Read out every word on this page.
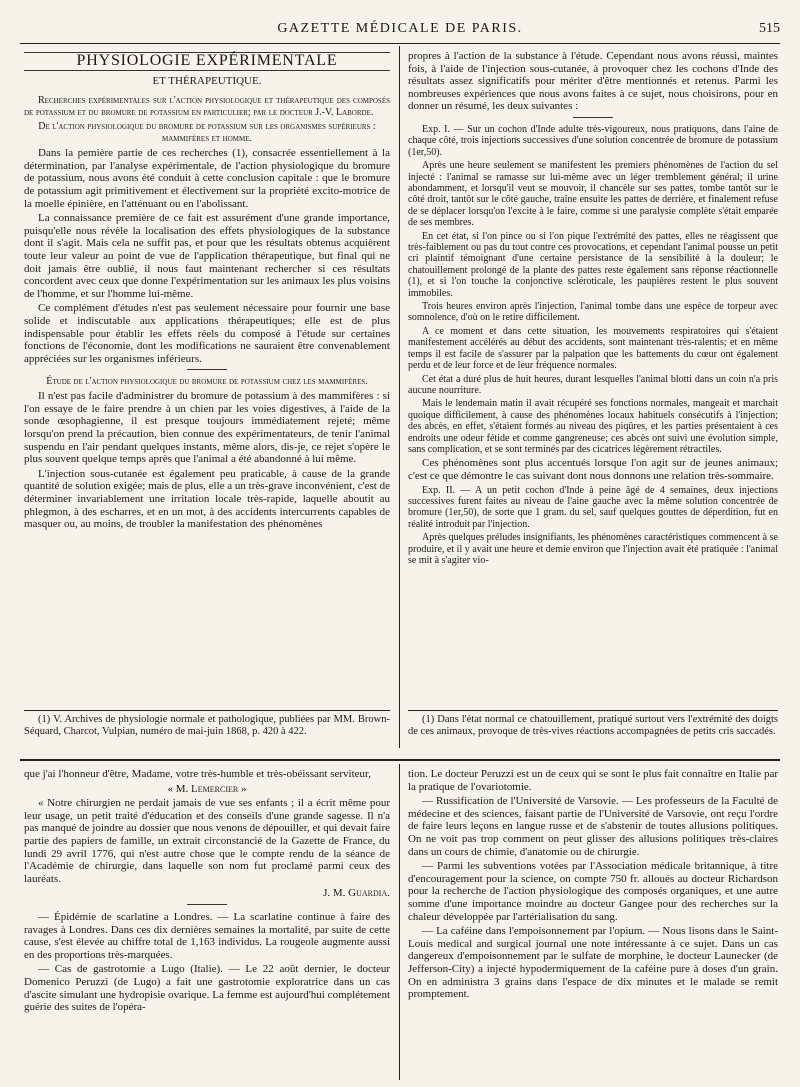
GAZETTE MÉDICALE DE PARIS.	515
PHYSIOLOGIE EXPÉRIMENTALE
ET THÉRAPEUTIQUE.

Recherches expérimentales sur l'action physiologique et thérapeutique des composés de potassium et du bromure de potassium en particulier; par le docteur J.-V. Laborde.

De l'action physiologique du bromure de potassium sur les organismes supérieurs : mammifères et homme.

Dans la pemière partie de ces recherches (1), consacrée essentiellement à la détermination, par l'analyse expérimentale, de l'action physiologique du bromure de potassium, nous avons été conduit à cette conclusion capitale : que le bromure de potassium agit primitivement et électivement sur la propriété excito-motrice de la moelle épinière, en l'atténuant ou en l'abolissant.

La connaissance première de ce fait est assurément d'une grande importance, puisqu'elle nous révèle la localisation des effets physiologiques de la substance dont il s'agit. Mais cela ne suffit pas, et pour que les résultats obtenus acquièrent toute leur valeur au point de vue de l'application thérapeutique, but final qui ne doit jamais être oublié, il nous faut maintenant rechercher si ces résultats concordent avec ceux que donne l'expérimentation sur les animaux les plus voisins de l'homme, et sur l'homme lui-même.

Ce complément d'études n'est pas seulement nécessaire pour fournir une base solide et indiscutable aux applications thérapeutiques; elle est de plus indispensable pour établir les effets réels du composé à l'étude sur certaines fonctions de l'économie, dont les modifications ne sauraient être convenablement appréciées sur les organismes inférieurs.

Étude de l'action physiologique du bromure de potassium chez les mammifères.

Il n'est pas facile d'administrer du bromure de potassium à des mammifères : si l'on essaye de le faire prendre à un chien par les voies digestives, à l'aide de la sonde œsophagienne, il est presque toujours immédiatement rejeté; même lorsqu'on prend la précaution, bien connue des expérimentateurs, de tenir l'animal suspendu en l'air pendant quelques instants, même alors, dis-je, ce rejet s'opère le plus souvent quelque temps après que l'animal a été abandonné à lui même.

L'injection sous-cutanée est également peu praticable, à cause de la grande quantité de solution exigée; mais de plus, elle a un très-grave inconvénient, c'est de déterminer invariablement une irritation locale très-rapide, laquelle aboutit au phlegmon, à des escharres, et en un mot, à des accidents intercurrents capables de masquer ou, au moins, de troubler la manifestation des phénomènes

propres à l'action de la substance à l'étude. Cependant nous avons réussi, maintes fois, à l'aide de l'injection sous-cutanée, à provoquer chez les cochons d'Inde des résultats assez significatifs pour mériter d'être mentionnés et retenus. Parmi les nombreuses expériences que nous avons faites à ce sujet, nous choisirons, pour en donner un résumé, les deux suivantes :

Exp. I. — Sur un cochon d'Inde adulte très-vigoureux, nous pratiquons, dans l'aine de chaque côté, trois injections successives d'une solution concentrée de bromure de potassium (1er,50).

Après une heure seulement se manifestent les premiers phénomènes de l'action du sel injecté : l'animal se ramasse sur lui-même avec un léger tremblement général; il urine abondamment, et lorsqu'il veut se mouvoir, il chancèle sur ses pattes, tombe tantôt sur le côté droit, tantôt sur le côté gauche, traîne ensuite les pattes de derrière, et finalement refuse de se déplacer lorsqu'on l'excite à le faire, comme si une paralysie complète s'était emparée de ses membres.

En cet état, si l'on pince ou si l'on pique l'extrémité des pattes, elles ne réagissent que très-faiblement ou pas du tout contre ces provocations, et cependant l'animal pousse un petit cri plaintif témoignant d'une certaine persistance de la sensibilité à la douleur; le chatouillement prolongé de la plante des pattes reste également sans réponse réactionnelle (1), et si l'on touche la conjonctive scléroticale, les paupières restent le plus souvent immobiles.

Trois heures environ après l'injection, l'animal tombe dans une espèce de torpeur avec somnolence, d'où on le retire difficilement.

A ce moment et dans cette situation, les mouvements respiratoires qui s'étaient manifestement accélérés au début des accidents, sont maintenant très-ralentis; et en même temps il est facile de s'assurer par la palpation que les battements du cœur ont également perdu et de leur force et de leur fréquence normales.

Cet état a duré plus de huit heures, durant lesquelles l'animal blotti dans un coin n'a pris aucune nourriture.

Mais le lendemain matin il avait récupéré ses fonctions normales, mangeait et marchait quoique difficilement, à cause des phénomènes locaux habituels consécutifs à l'injection; des abcès, en effet, s'étaient formés au niveau des piqûres, et les parties présentaient à ces endroits une odeur fétide et comme gangreneuse; ces abcès ont suivi une évolution simple, sans complication, et se sont terminés par des cicatrices légèrement rétractiles.

Ces phénomènes sont plus accentués lorsque l'on agit sur de jeunes animaux; c'est ce que démontre le cas suivant dont nous donnons une relation très-sommaire.

Exp. II. — A un petit cochon d'Inde à peine âgé de 4 semaines, deux injections successives furent faites au niveau de l'aine gauche avec la même solution concentrée de bromure (1er,50), de sorte que 1 gram. du sel, sauf quelques gouttes de déperdition, fut en réalité introduit par l'injection.

Après quelques préludes insignifiants, les phénomènes caractéristiques commencent à se produire, et il y avait une heure et demie environ que l'injection avait été pratiquée : l'animal se mit à s'agiter vio-

(1) V. Archives de physiologie normale et pathologique, publiées par MM. Brown-Séquard, Charcot, Vulpian, numéro de mai-juin 1868, p. 420 à 422.

(1) Dans l'état normal ce chatouillement, pratiqué surtout vers l'extrémité des doigts de ces animaux, provoque de très-vives réactions accompagnées de petits cris saccadés.

que j'ai l'honneur d'être, Madame, votre très-humble et très-obéissant serviteur,

« M. Lemercier »

« Notre chirurgien ne perdait jamais de vue ses enfants ; il a écrit même pour leur usage, un petit traité d'éducation et des conseils d'une grande sagesse. Il n'a pas manqué de joindre au dossier que nous venons de dépouiller, et qui devait faire partie des papiers de famille, un extrait circonstancié de la Gazette de France, du lundi 29 avril 1776, qui n'est autre chose que le compte rendu de la séance de l'Académie de chirurgie, dans laquelle son nom fut proclamé parmi ceux des lauréats.

J. M. Guardia.

— Épidémie de scarlatine a Londres. — La scarlatine continue à faire des ravages à Londres. Dans ces dix dernières semaines la mortalité, par suite de cette cause, s'est élevée au chiffre total de 1,163 individus. La rougeole augmente aussi en des proportions très-marquées.

— Cas de gastrotomie a Lugo (Italie). — Le 22 août dernier, le docteur Domenico Peruzzi (de Lugo) a fait une gastrotomie exploratrice dans un cas d'ascite simulant une hydropisie ovarique. La femme est aujourd'hui complétement guérie des suites de l'opéra-

tion. Le docteur Peruzzi est un de ceux qui se sont le plus fait connaître en Italie par la pratique de l'ovariotomie.

— Russification de l'Université de Varsovie. — Les professeurs de la Faculté de médecine et des sciences, faisant partie de l'Université de Varsovie, ont reçu l'ordre de faire leurs leçons en langue russe et de s'abstenir de toutes allusions politiques. On ne voit pas trop comment on peut glisser des allusions politiques très-claires dans un cours de chimie, d'anatomie ou de chirurgie.

— Parmi les subventions votées par l'Association médicale britannique, à titre d'encouragement pour la science, on compte 750 fr. alloués au docteur Richardson pour la recherche de l'action physiologique des composés organiques, et une autre somme d'une importance moindre au docteur Gangee pour des recherches sur la chaleur développée par l'artérialisation du sang.

— La caféine dans l'empoisonnement par l'opium. — Nous lisons dans le Saint-Louis medical and surgical journal une note intéressante à ce sujet. Dans un cas dangereux d'empoisonnement par le sulfate de morphine, le docteur Launecker (de Jefferson-City) a injecté hypodermiquement de la caféine pure à doses d'un grain. On en administra 3 grains dans l'espace de dix minutes et le malade se remit promptement.
